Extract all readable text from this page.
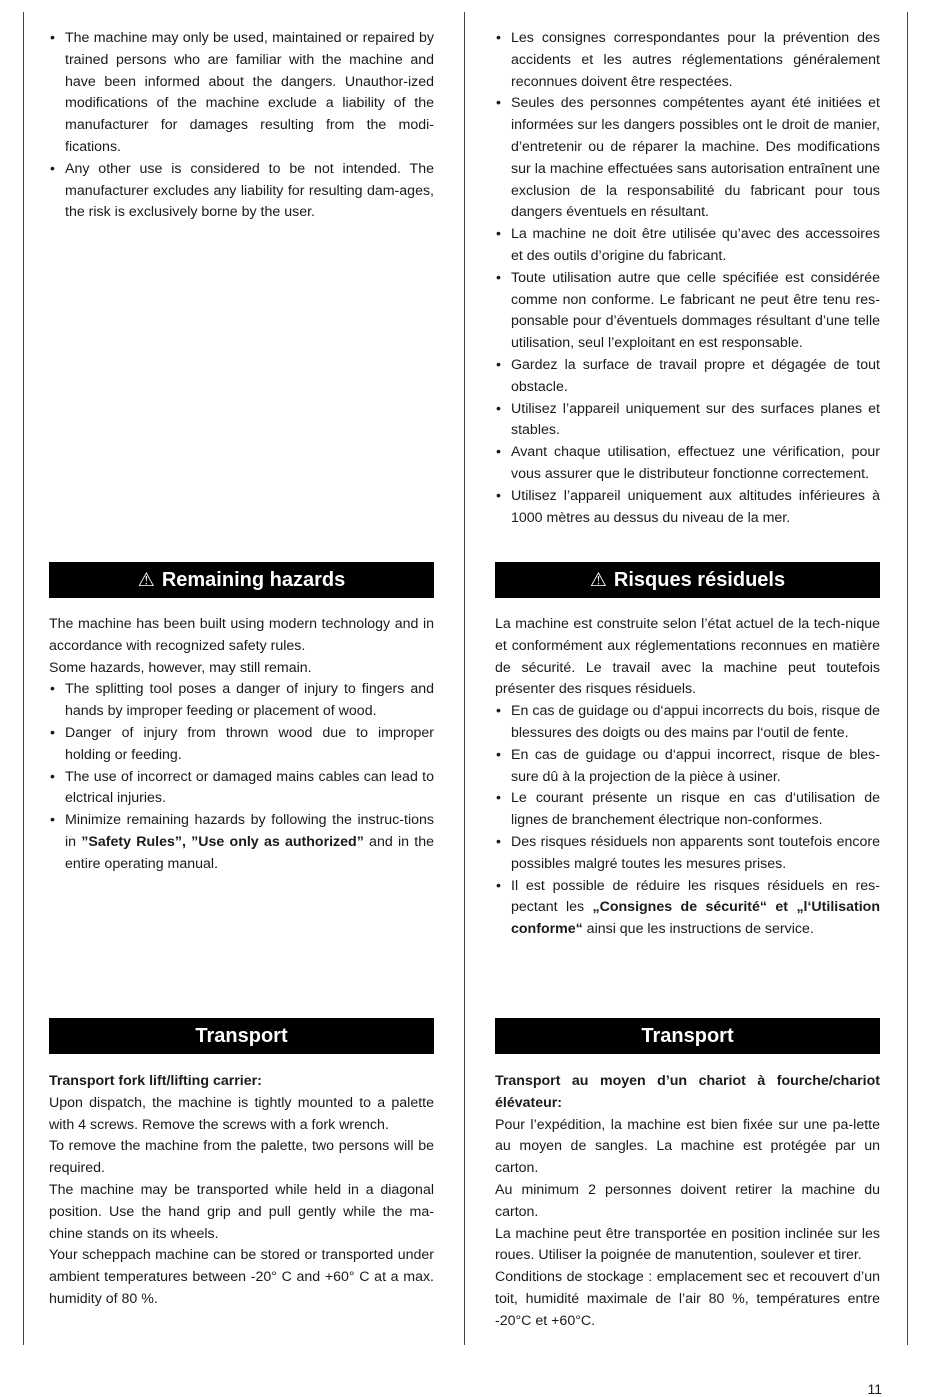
• The machine may only be used, maintained or repaired by trained persons who are familiar with the machine and have been informed about the dangers. Unauthor-ized modifications of the machine exclude a liability of the manufacturer for damages resulting from the modi-fications.
• Any other use is considered to be not intended. The manufacturer excludes any liability for resulting dam-ages, the risk is exclusively borne by the user.
⚠ Remaining hazards

The machine has been built using modern technology and in accordance with recognized safety rules.

Some hazards, however, may still remain.

• The splitting tool poses a danger of injury to fingers and hands by improper feeding or placement of wood.
• Danger of injury from thrown wood due to improper holding or feeding.
• The use of incorrect or damaged mains cables can lead to elctrical injuries.
• Minimize remaining hazards by following the instruc-tions in ”Safety Rules”, ”Use only as authorized” and in the entire operating manual.
Transport

Transport fork lift/lifting carrier:

Upon dispatch, the machine is tightly mounted to a palette with 4 screws. Remove the screws with a fork wrench.

To remove the machine from the palette, two persons will be required.

The machine may be transported while held in a diagonal position. Use the hand grip and pull gently while the ma-chine stands on its wheels.

Your scheppach machine can be stored or transported under ambient temperatures between -20° C and +60° C at a max. humidity of 80 %.

• Les consignes correspondantes pour la prévention des accidents et les autres réglementations généralement reconnues doivent être respectées.
• Seules des personnes compétentes ayant été initiées et informées sur les dangers possibles ont le droit de manier, d’entretenir ou de réparer la machine. Des modifications sur la machine effectuées sans autorisation entraînent une exclusion de la responsabilité du fabricant pour tous dangers éventuels en résultant.
• La machine ne doit être utilisée qu’avec des accessoires et des outils d’origine du fabricant.
• Toute utilisation autre que celle spécifiée est considérée comme non conforme. Le fabricant ne peut être tenu res-ponsable pour d’éventuels dommages résultant d’une telle utilisation, seul l’exploitant en est responsable.
• Gardez la surface de travail propre et dégagée de tout obstacle.
• Utilisez l’appareil uniquement sur des surfaces planes et stables.
• Avant chaque utilisation, effectuez une vérification, pour vous assurer que le distributeur fonctionne correctement.
• Utilisez l’appareil uniquement aux altitudes inférieures à 1000 mètres au dessus du niveau de la mer.
⚠ Risques résiduels

La machine est construite selon l’état actuel de la tech-nique et conformément aux réglementations reconnues en matière de sécurité. Le travail avec la machine peut toutefois présenter des risques résiduels.

• En cas de guidage ou d‘appui incorrects du bois, risque de blessures des doigts ou des mains par l‘outil de fente.
• En cas de guidage ou d‘appui incorrect, risque de bles-sure dû à la projection de la pièce à usiner.
• Le courant présente un risque en cas d‘utilisation de lignes de branchement électrique non-conformes.
• Des risques résiduels non apparents sont toutefois encore possibles malgré toutes les mesures prises.
• Il est possible de réduire les risques résiduels en res-pectant les „Consignes de sécurité“ et „l‘Utilisation conforme“ ainsi que les instructions de service.
Transport

Transport au moyen d’un chariot à fourche/chariot élévateur:

Pour l’expédition, la machine est bien fixée sur une pa-lette au moyen de sangles. La machine est protégée par un carton.

Au minimum 2 personnes doivent retirer la machine du carton.

La machine peut être transportée en position inclinée sur les roues. Utiliser la poignée de manutention, soulever et tirer.

Conditions de stockage : emplacement sec et recouvert d’un toit, humidité maximale de l’air 80 %, températures entre -20°C et +60°C.

11
